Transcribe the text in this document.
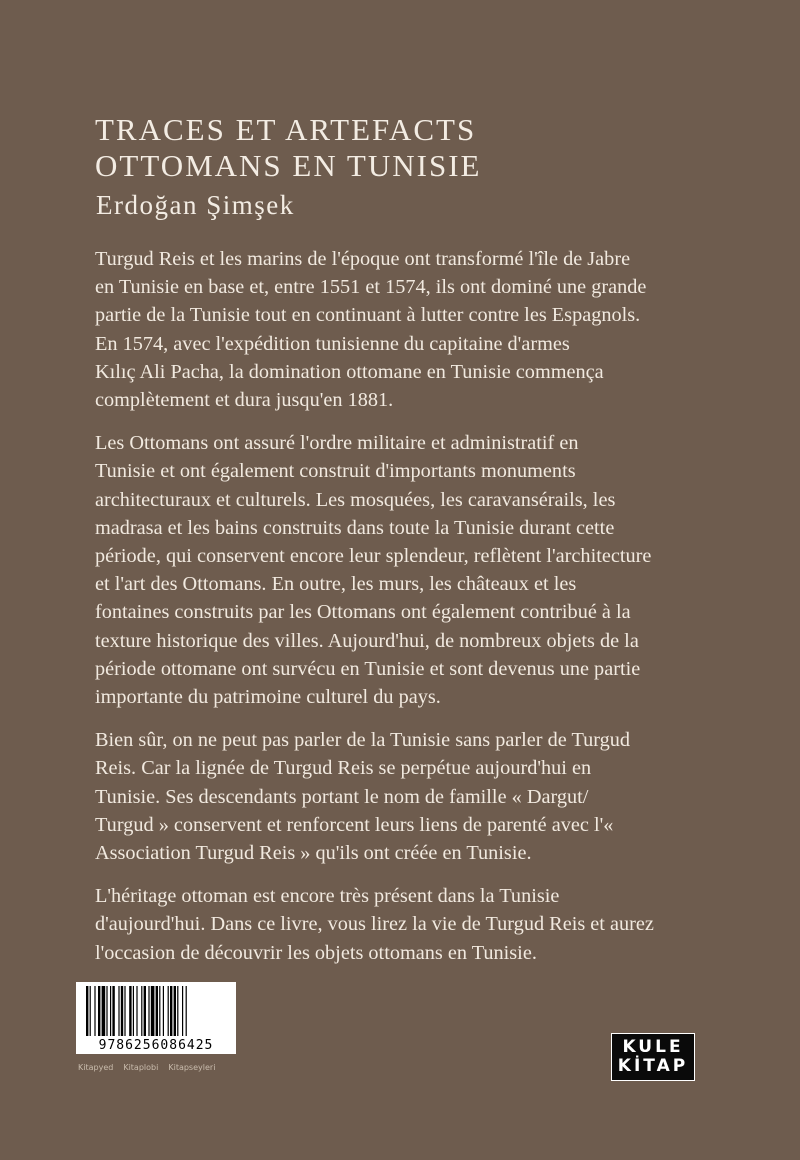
TRACES ET ARTEFACTS
OTTOMANS EN TUNISIE
Erdoğan Şimşek
Turgud Reis et les marins de l'époque ont transformé l'île de Jabre
en Tunisie en base et, entre 1551 et 1574, ils ont dominé une grande
partie de la Tunisie tout en continuant à lutter contre les Espagnols.
En 1574, avec l'expédition tunisienne du capitaine d'armes
Kılıç Ali Pacha, la domination ottomane en Tunisie commença
complètement et dura jusqu'en 1881.
Les Ottomans ont assuré l'ordre militaire et administratif en
Tunisie et ont également construit d'importants monuments
architecturaux et culturels. Les mosquées, les caravansérails, les
madrasa et les bains construits dans toute la Tunisie durant cette
période, qui conservent encore leur splendeur, reflètent l'architecture
et l'art des Ottomans. En outre, les murs, les châteaux et les
fontaines construits par les Ottomans ont également contribué à la
texture historique des villes. Aujourd'hui, de nombreux objets de la
période ottomane ont survécu en Tunisie et sont devenus une partie
importante du patrimoine culturel du pays.
Bien sûr, on ne peut pas parler de la Tunisie sans parler de Turgud
Reis. Car la lignée de Turgud Reis se perpétue aujourd'hui en
Tunisie. Ses descendants portant le nom de famille « Dargut/
Turgud » conservent et renforcent leurs liens de parenté avec l'«
Association Turgud Reis » qu'ils ont créée en Tunisie.
L'héritage ottoman est encore très présent dans la Tunisie
d'aujourd'hui. Dans ce livre, vous lirez la vie de Turgud Reis et aurez
l'occasion de découvrir les objets ottomans en Tunisie.
9786256086425
Kitapyed Kitaplobi Kitapseyleri
KULE
KİTAP
